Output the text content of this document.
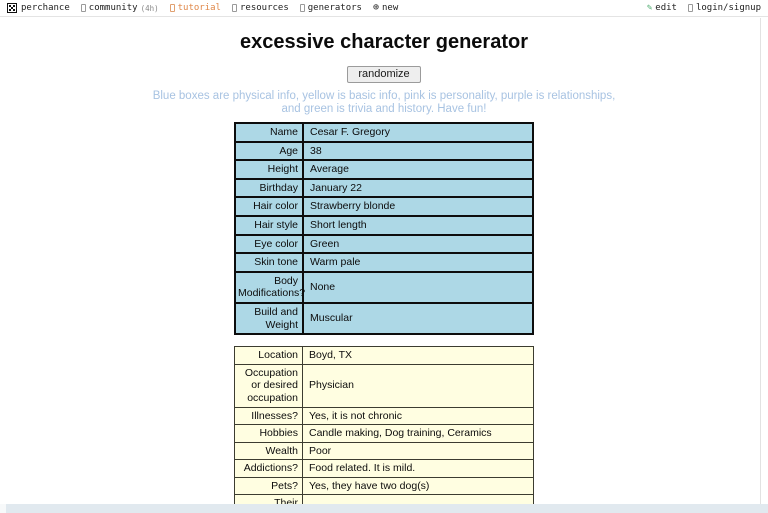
perchance community (4h) tutorial resources generators ⊕ new	✎ edit login/signup
excessive character generator
randomize
Blue boxes are physical info, yellow is basic info, pink is personality, purple is relationships,
and green is trivia and history. Have fun!
Name	Cesar F. Gregory
Age	38
Height	Average
Birthday	January 22
Hair color	Strawberry blonde
Hair style	Short length
Eye color	Green
Skin tone	Warm pale
Body Modifications?	None
Build and Weight	Muscular
Location	Boyd, TX
Occupation or desired occupation	Physician
Illnesses?	Yes, it is not chronic
Hobbies	Candle making, Dog training, Ceramics
Wealth	Poor
Addictions?	Food related. It is mild.
Pets?	Yes, they have two dog(s)
